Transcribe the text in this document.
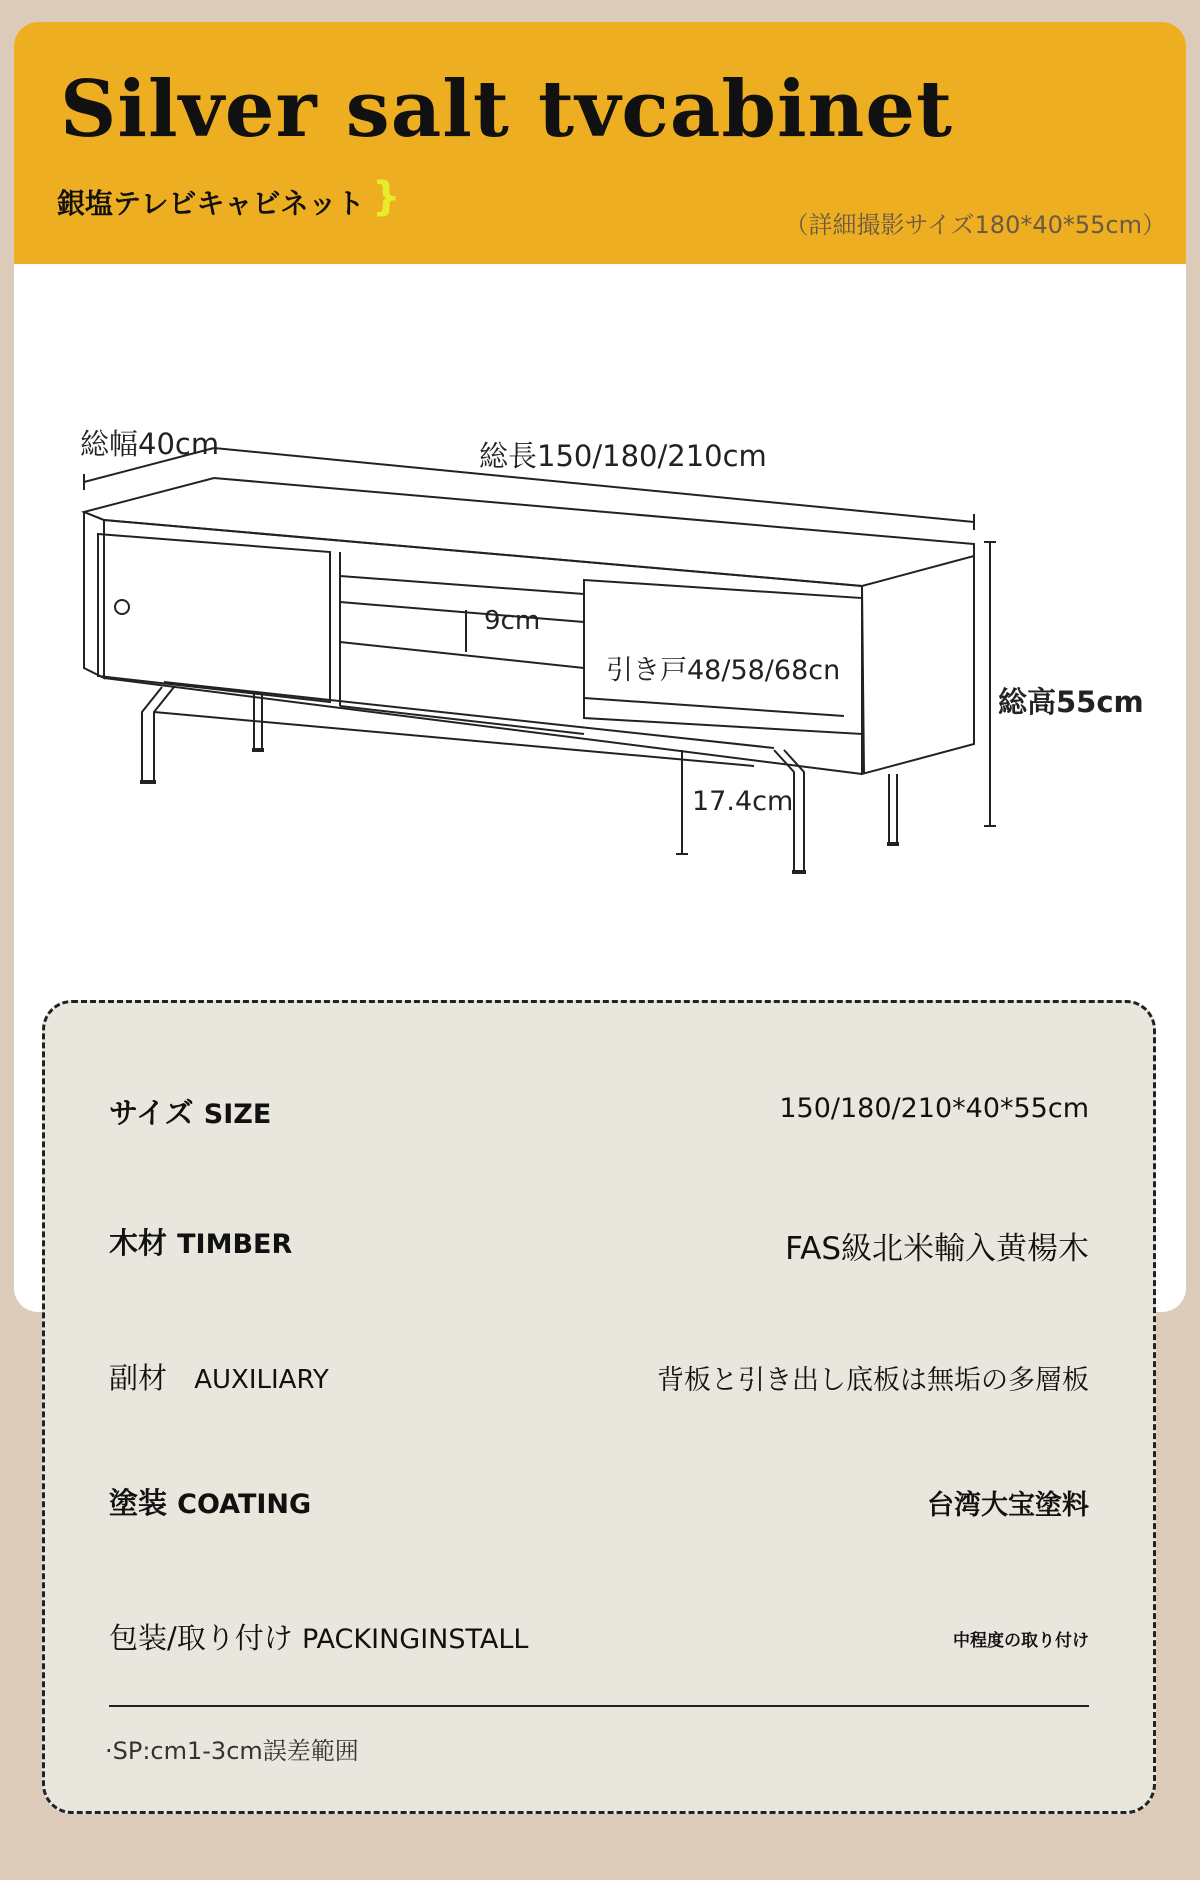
Silver salt tvcabinet
銀塩テレビキャビネット }
（詳細撮影サイズ180*40*55cm）
総幅40cm	総長150/180/210cm
9cm
引き戸48/58/68cn
総高55cm
17.4cm
サイズ SIZE	150/180/210*40*55cm
木材 TIMBER	FAS級北米輸入黄楊木
副材 AUXILIARY	背板と引き出し底板は無垢の多層板
塗装 COATING	台湾大宝塗料
包装/取り付け PACKINGINSTALL	中程度の取り付け
·SP:cm1-3cm誤差範囲
